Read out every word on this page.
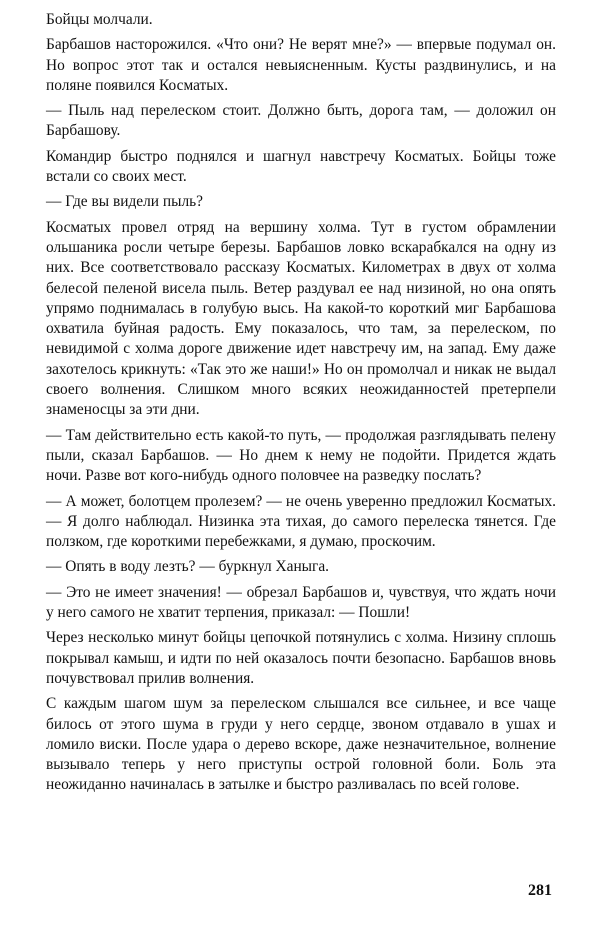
Бойцы молчали.

Барбашов насторожился. «Что они? Не верят мне?» — впервые подумал он. Но вопрос этот так и остался невыясненным. Кусты раздвинулись, и на поляне появился Косматых.

— Пыль над перелеском стоит. Должно быть, дорога там, — доложил он Барбашову.

Командир быстро поднялся и шагнул навстречу Косматых. Бойцы тоже встали со своих мест.

— Где вы видели пыль?

Косматых провел отряд на вершину холма. Тут в густом обрамлении ольшаника росли четыре березы. Барбашов ловко вскарабкался на одну из них. Все соответствовало рассказу Косматых. Километрах в двух от холма белесой пеленой висела пыль. Ветер раздувал ее над низиной, но она опять упрямо поднималась в голубую высь. На какой-то короткий миг Барбашова охватила буйная радость. Ему показалось, что там, за перелеском, по невидимой с холма дороге движение идет навстречу им, на запад. Ему даже захотелось крикнуть: «Так это же наши!» Но он промолчал и никак не выдал своего волнения. Слишком много всяких неожиданностей претерпели знаменосцы за эти дни.

— Там действительно есть какой-то путь, — продолжая разглядывать пелену пыли, сказал Барбашов. — Но днем к нему не подойти. Придется ждать ночи. Разве вот кого-нибудь одного половчее на разведку послать?

— А может, болотцем пролезем? — не очень уверенно предложил Косматых. — Я долго наблюдал. Низинка эта тихая, до самого перелеска тянется. Где ползком, где короткими перебежками, я думаю, проскочим.

— Опять в воду лезть? — буркнул Ханыга.

— Это не имеет значения! — обрезал Барбашов и, чувствуя, что ждать ночи у него самого не хватит терпения, приказал: — Пошли!

Через несколько минут бойцы цепочкой потянулись с холма. Низину сплошь покрывал камыш, и идти по ней оказалось почти безопасно. Барбашов вновь почувствовал прилив волнения.

С каждым шагом шум за перелеском слышался все сильнее, и все чаще билось от этого шума в груди у него сердце, звоном отдавало в ушах и ломило виски. После удара о дерево вскоре, даже незначительное, волнение вызывало теперь у него приступы острой головной боли. Боль эта неожиданно начиналась в затылке и быстро разливалась по всей голове.

281
